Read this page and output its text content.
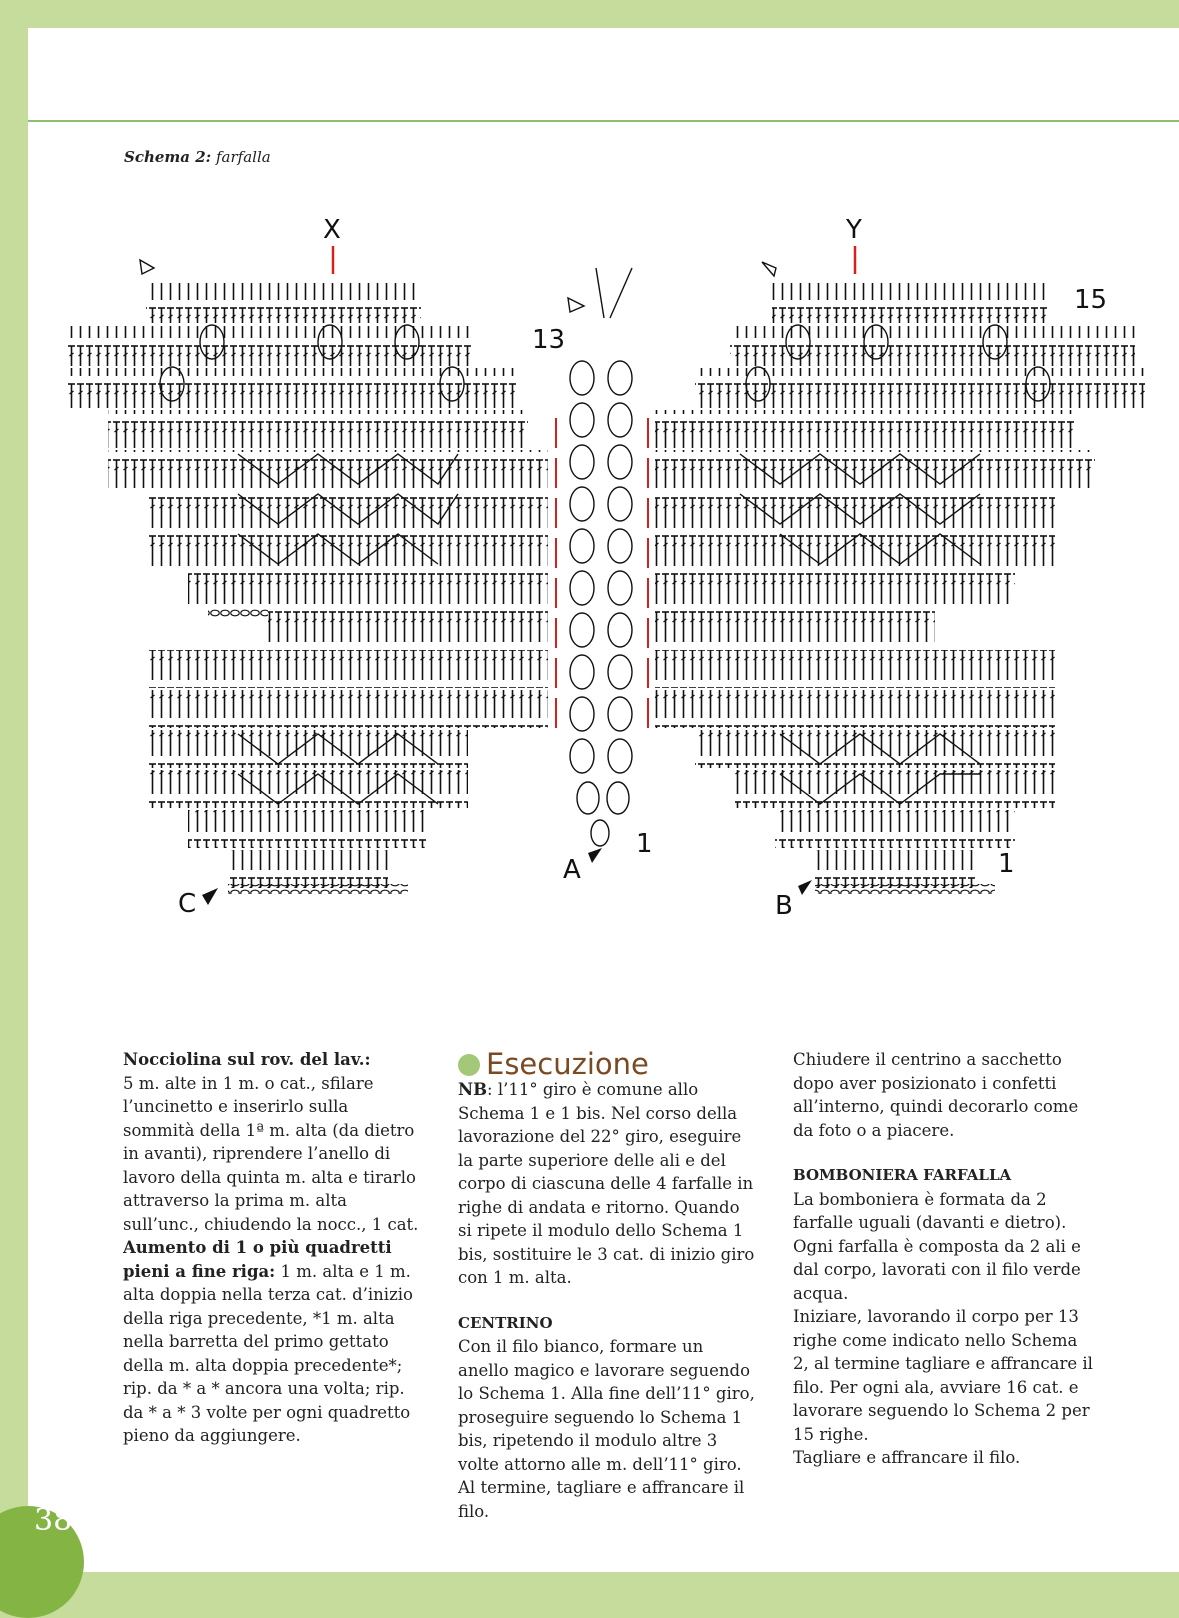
Schema 2: farfalla
X	Y
13
15
1
1
A
B
C

Nocciolina sul rov. del lav.:

5 m. alte in 1 m. o cat., sfilare l’uncinetto e inserirlo sulla sommità della 1ª m. alta (da dietro in avanti), riprendere l’anello di lavoro della quinta m. alta e tirarlo attraverso la prima m. alta sull’unc., chiudendo la nocc., 1 cat.

Aumento di 1 o più quadretti pieni a fine riga: 1 m. alta e 1 m. alta doppia nella terza cat. d’inizio della riga precedente, *1 m. alta nella barretta del primo gettato della m. alta doppia precedente*; rip. da * a * ancora una volta; rip. da * a * 3 volte per ogni quadretto pieno da aggiungere.

Esecuzione

NB: l’11° giro è comune allo Schema 1 e 1 bis. Nel corso della lavorazione del 22° giro, eseguire la parte superiore delle ali e del corpo di ciascuna delle 4 farfalle in righe di andata e ritorno. Quando si ripete il modulo dello Schema 1 bis, sostituire le 3 cat. di inizio giro con 1 m. alta.

CENTRINO

Con il filo bianco, formare un anello magico e lavorare seguendo lo Schema 1. Alla fine dell’11° giro, proseguire seguendo lo Schema 1 bis, ripetendo il modulo altre 3 volte attorno alle m. dell’11° giro.

Al termine, tagliare e affrancare il filo.

Chiudere il centrino a sacchetto dopo aver posizionato i confetti all’interno, quindi decorarlo come da foto o a piacere.

BOMBONIERA FARFALLA

La bomboniera è formata da 2 farfalle uguali (davanti e dietro). Ogni farfalla è composta da 2 ali e dal corpo, lavorati con il filo verde acqua.

Iniziare, lavorando il corpo per 13 righe come indicato nello Schema 2, al termine tagliare e affrancare il filo. Per ogni ala, avviare 16 cat. e lavorare seguendo lo Schema 2 per 15 righe.

Tagliare e affrancare il filo.

38
